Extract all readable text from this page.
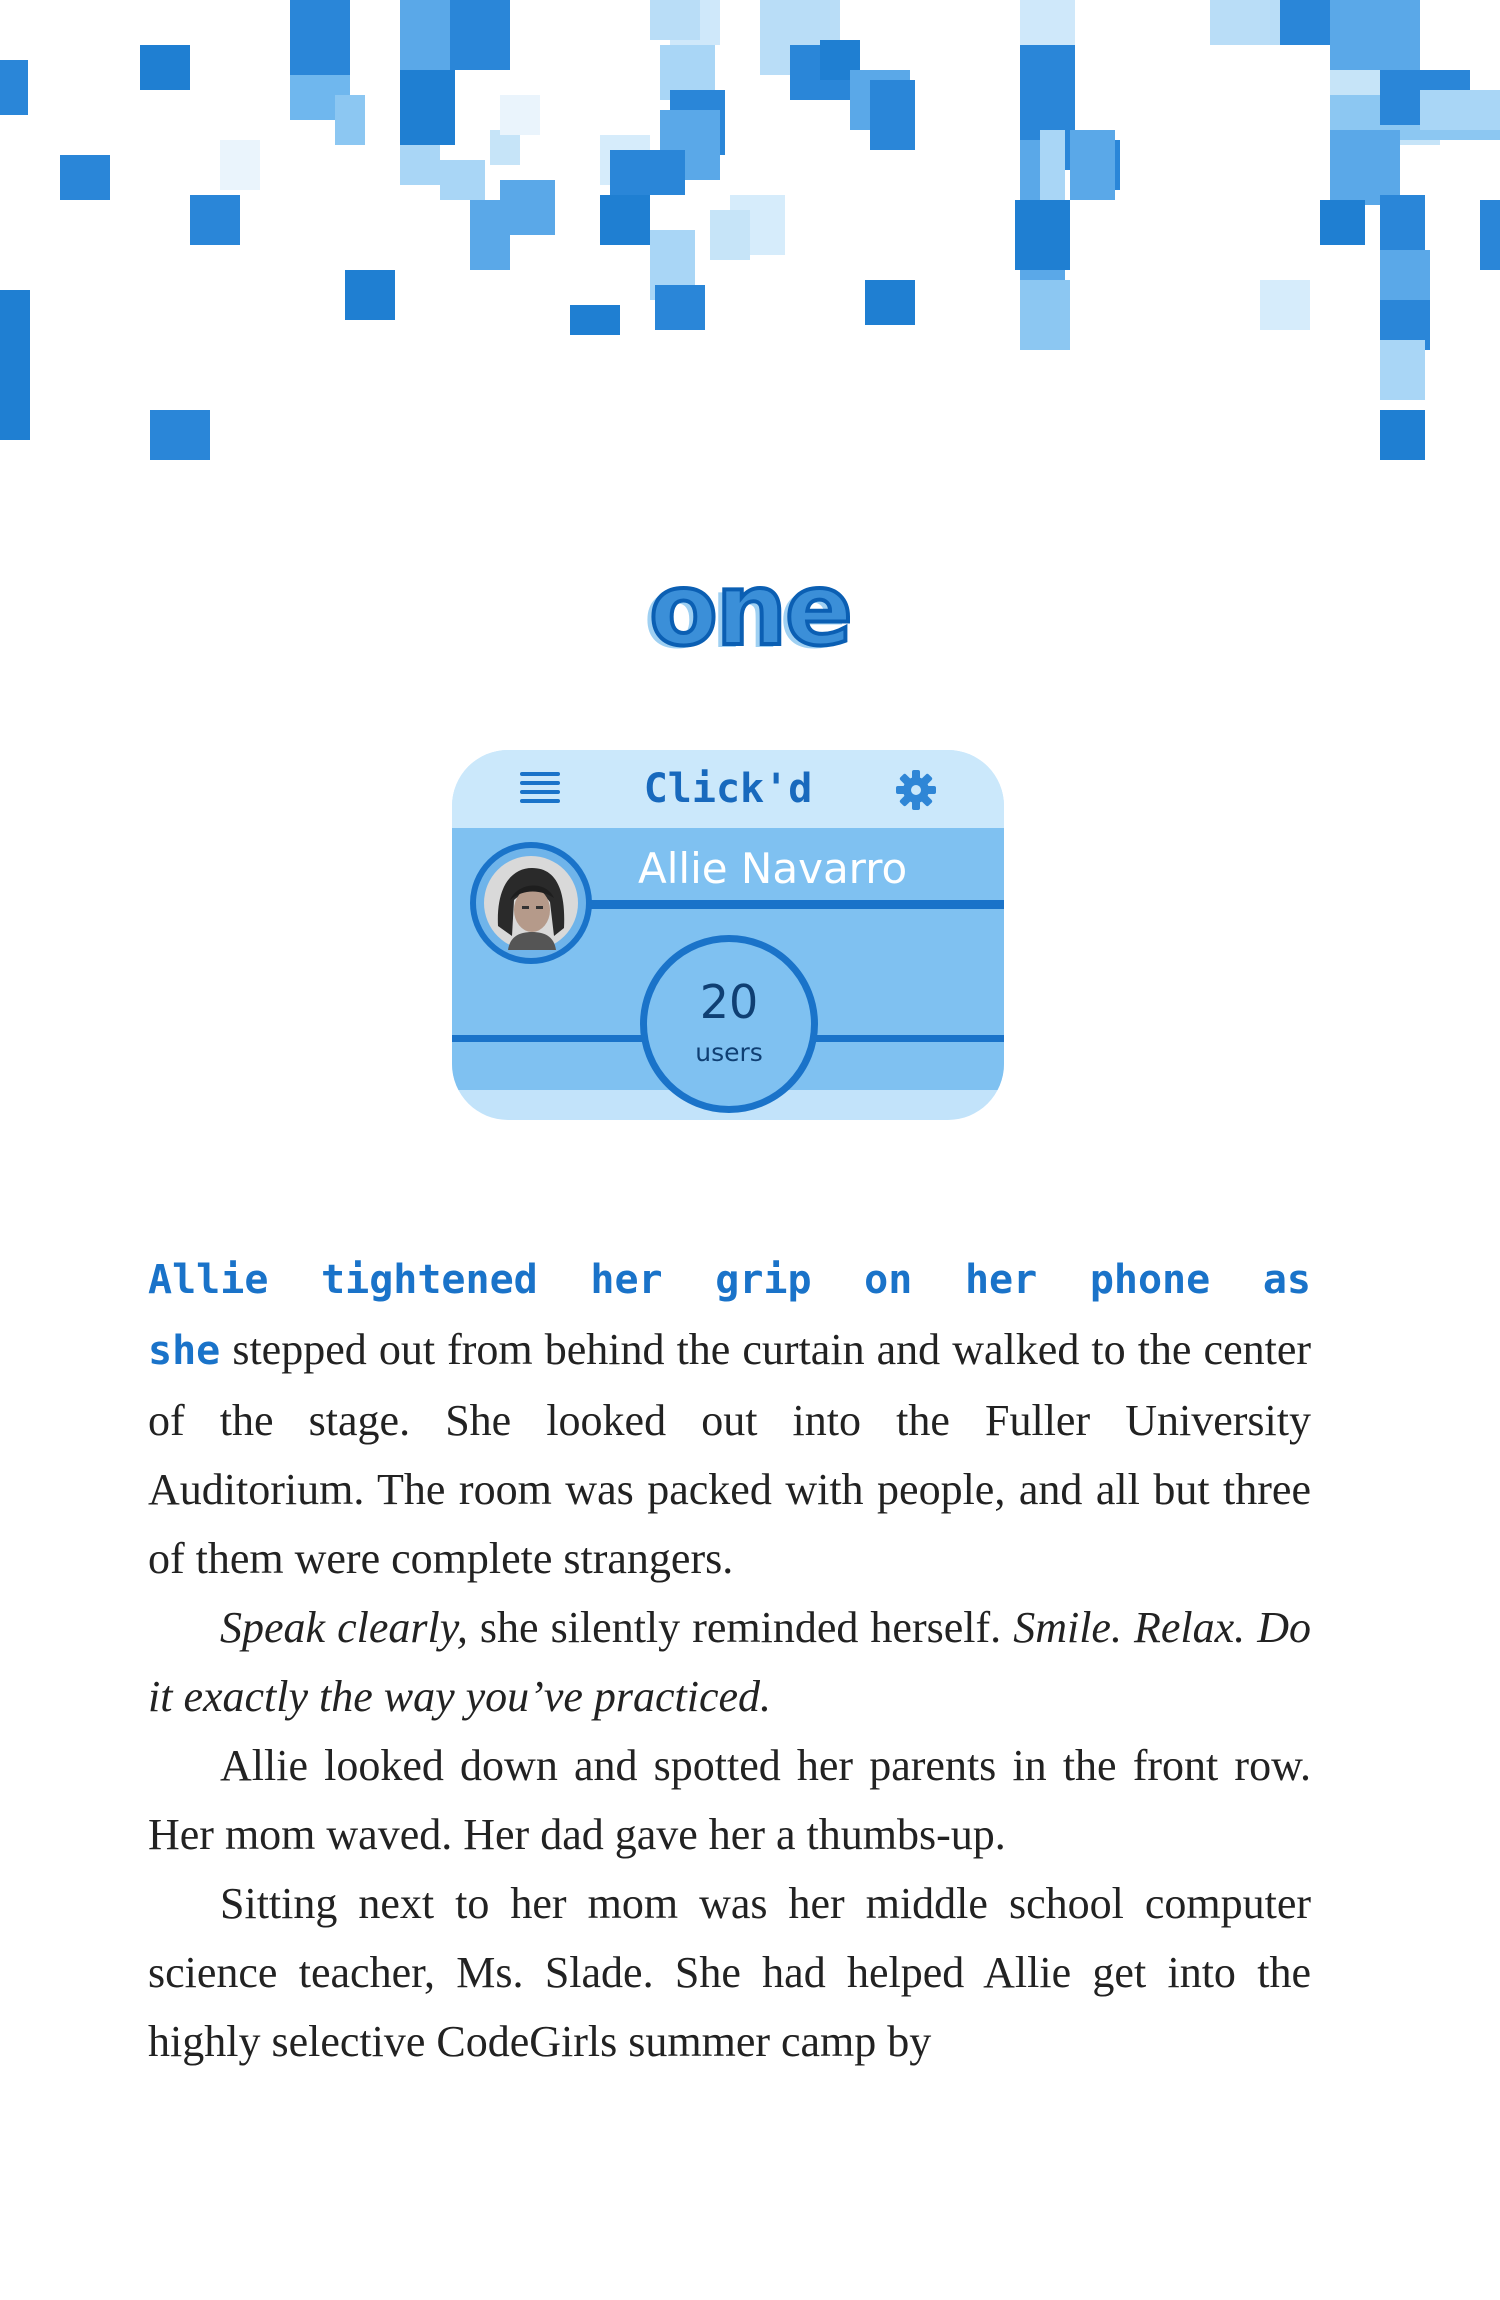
one
Click'd
Allie Navarro
20
users

Allie tightened her grip on her phone as she stepped out from behind the curtain and walked to the center of the stage. She looked out into the Fuller University Auditorium. The room was packed with people, and all but three of them were complete strangers.

Speak clearly, she silently reminded herself. Smile. Relax. Do it exactly the way you’ve practiced.

Allie looked down and spotted her parents in the front row. Her mom waved. Her dad gave her a thumbs-up.

Sitting next to her mom was her middle school computer science teacher, Ms. Slade. She had helped Allie get into the highly selective CodeGirls summer camp by
